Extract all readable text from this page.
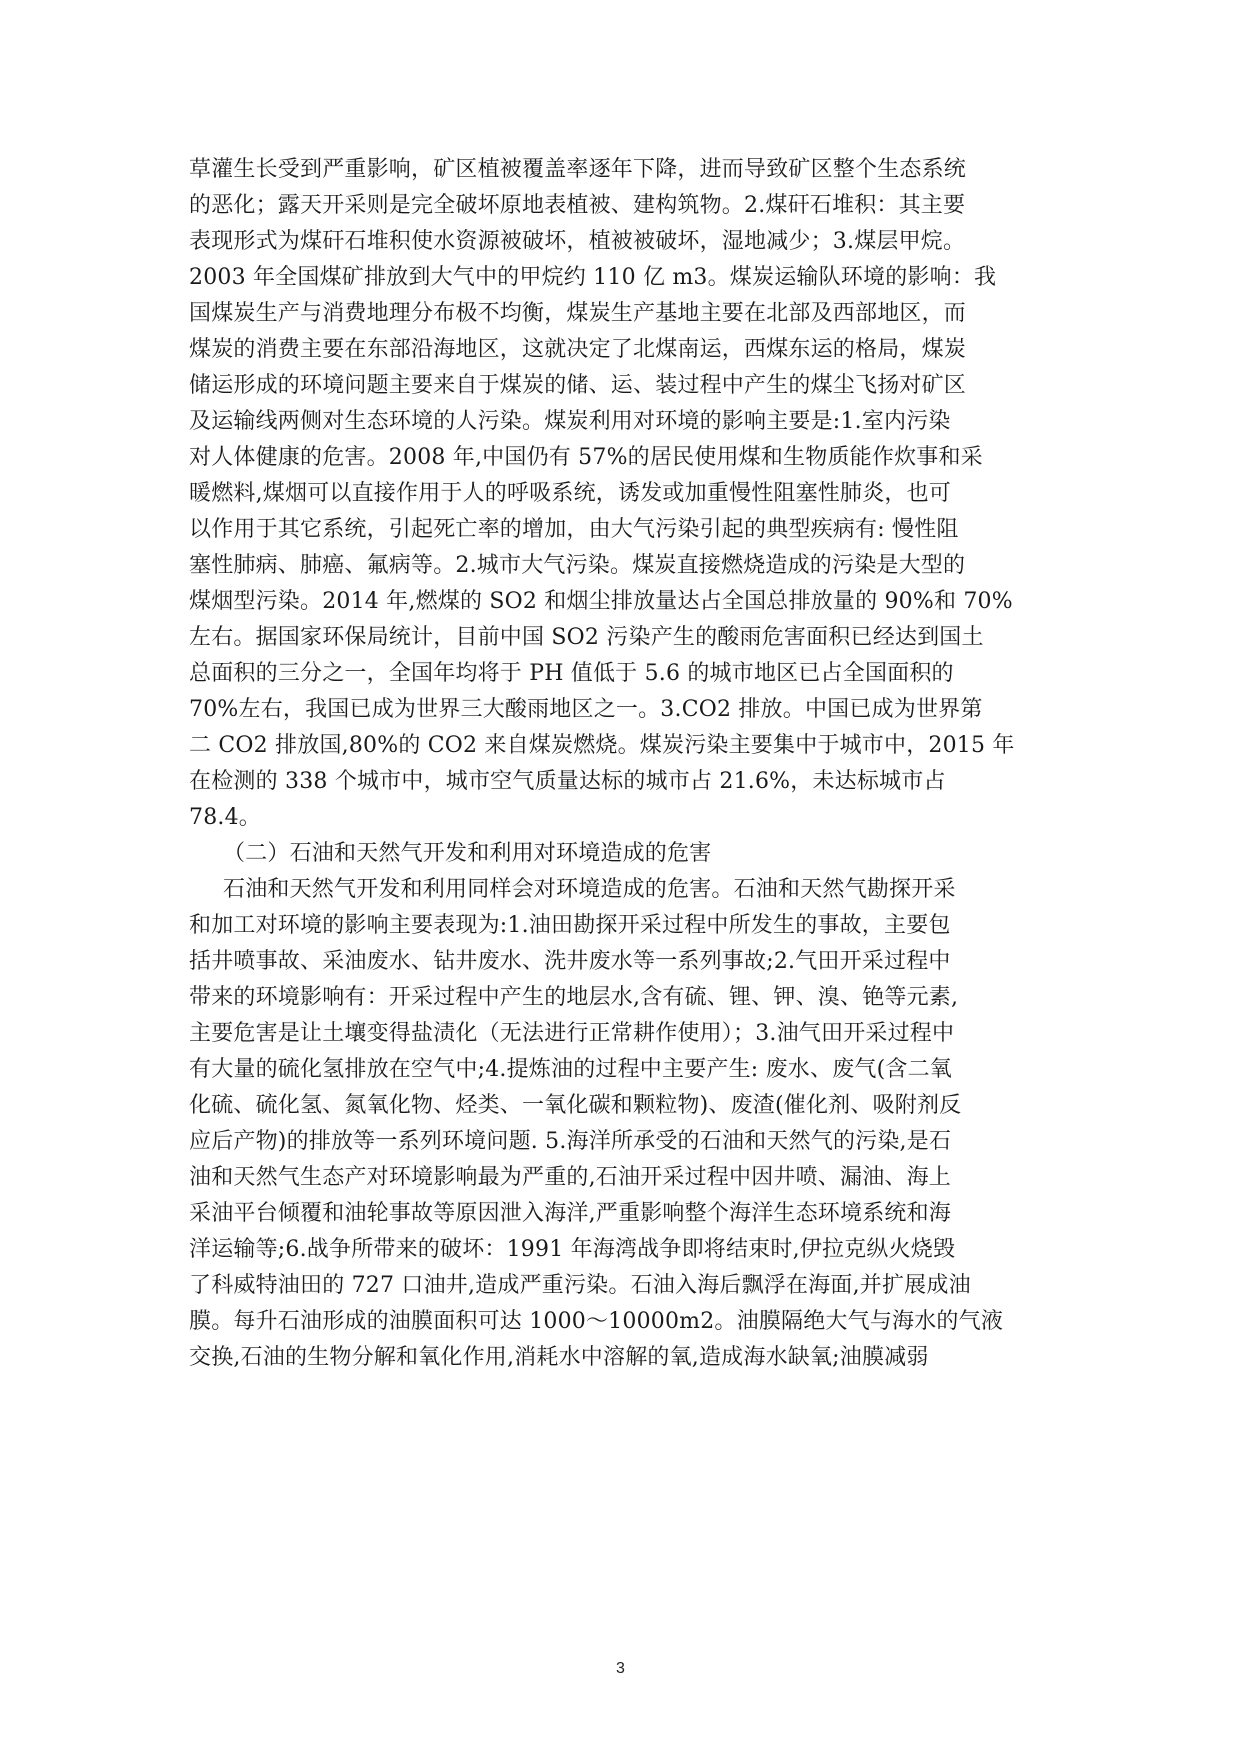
草灌生长受到严重影响，矿区植被覆盖率逐年下降，进而导致矿区整个生态系统
的恶化；露天开采则是完全破坏原地表植被、建构筑物。2.煤矸石堆积：其主要
表现形式为煤矸石堆积使水资源被破坏，植被被破坏，湿地减少；3.煤层甲烷。
2003 年全国煤矿排放到大气中的甲烷约 110 亿 m3。煤炭运输队环境的影响：我
国煤炭生产与消费地理分布极不均衡，煤炭生产基地主要在北部及西部地区，而
煤炭的消费主要在东部沿海地区，这就决定了北煤南运，西煤东运的格局，煤炭
储运形成的环境问题主要来自于煤炭的储、运、装过程中产生的煤尘飞扬对矿区
及运输线两侧对生态环境的人污染。煤炭利用对环境的影响主要是:1.室内污染
对人体健康的危害。2008 年,中国仍有 57%的居民使用煤和生物质能作炊事和采
暖燃料,煤烟可以直接作用于人的呼吸系统，诱发或加重慢性阻塞性肺炎，也可
以作用于其它系统，引起死亡率的增加，由大气污染引起的典型疾病有: 慢性阻
塞性肺病、肺癌、氟病等。2.城市大气污染。煤炭直接燃烧造成的污染是大型的
煤烟型污染。2014 年,燃煤的 SO2 和烟尘排放量达占全国总排放量的 90%和 70%
左右。据国家环保局统计，目前中国 SO2 污染产生的酸雨危害面积已经达到国土
总面积的三分之一，全国年均将于 PH 值低于 5.6 的城市地区已占全国面积的
70%左右，我国已成为世界三大酸雨地区之一。3.CO2 排放。中国已成为世界第
二 CO2 排放国,80%的 CO2 来自煤炭燃烧。煤炭污染主要集中于城市中，2015 年
在检测的 338 个城市中，城市空气质量达标的城市占 21.6%，未达标城市占
78.4。
（二）石油和天然气开发和利用对环境造成的危害
石油和天然气开发和利用同样会对环境造成的危害。石油和天然气勘探开采
和加工对环境的影响主要表现为:1.油田勘探开采过程中所发生的事故，主要包
括井喷事故、采油废水、钻井废水、洗井废水等一系列事故;2.气田开采过程中
带来的环境影响有：开采过程中产生的地层水,含有硫、锂、钾、溴、铯等元素,
主要危害是让土壤变得盐渍化（无法进行正常耕作使用）；3.油气田开采过程中
有大量的硫化氢排放在空气中;4.提炼油的过程中主要产生: 废水、废气(含二氧
化硫、硫化氢、氮氧化物、烃类、一氧化碳和颗粒物)、废渣(催化剂、吸附剂反
应后产物)的排放等一系列环境问题. 5.海洋所承受的石油和天然气的污染,是石
油和天然气生态产对环境影响最为严重的,石油开采过程中因井喷、漏油、海上
采油平台倾覆和油轮事故等原因泄入海洋,严重影响整个海洋生态环境系统和海
洋运输等;6.战争所带来的破坏：1991 年海湾战争即将结束时,伊拉克纵火烧毁
了科威特油田的 727 口油井,造成严重污染。石油入海后飘浮在海面,并扩展成油
膜。每升石油形成的油膜面积可达 1000～10000m2。油膜隔绝大气与海水的气液
交换,石油的生物分解和氧化作用,消耗水中溶解的氧,造成海水缺氧;油膜减弱
3
